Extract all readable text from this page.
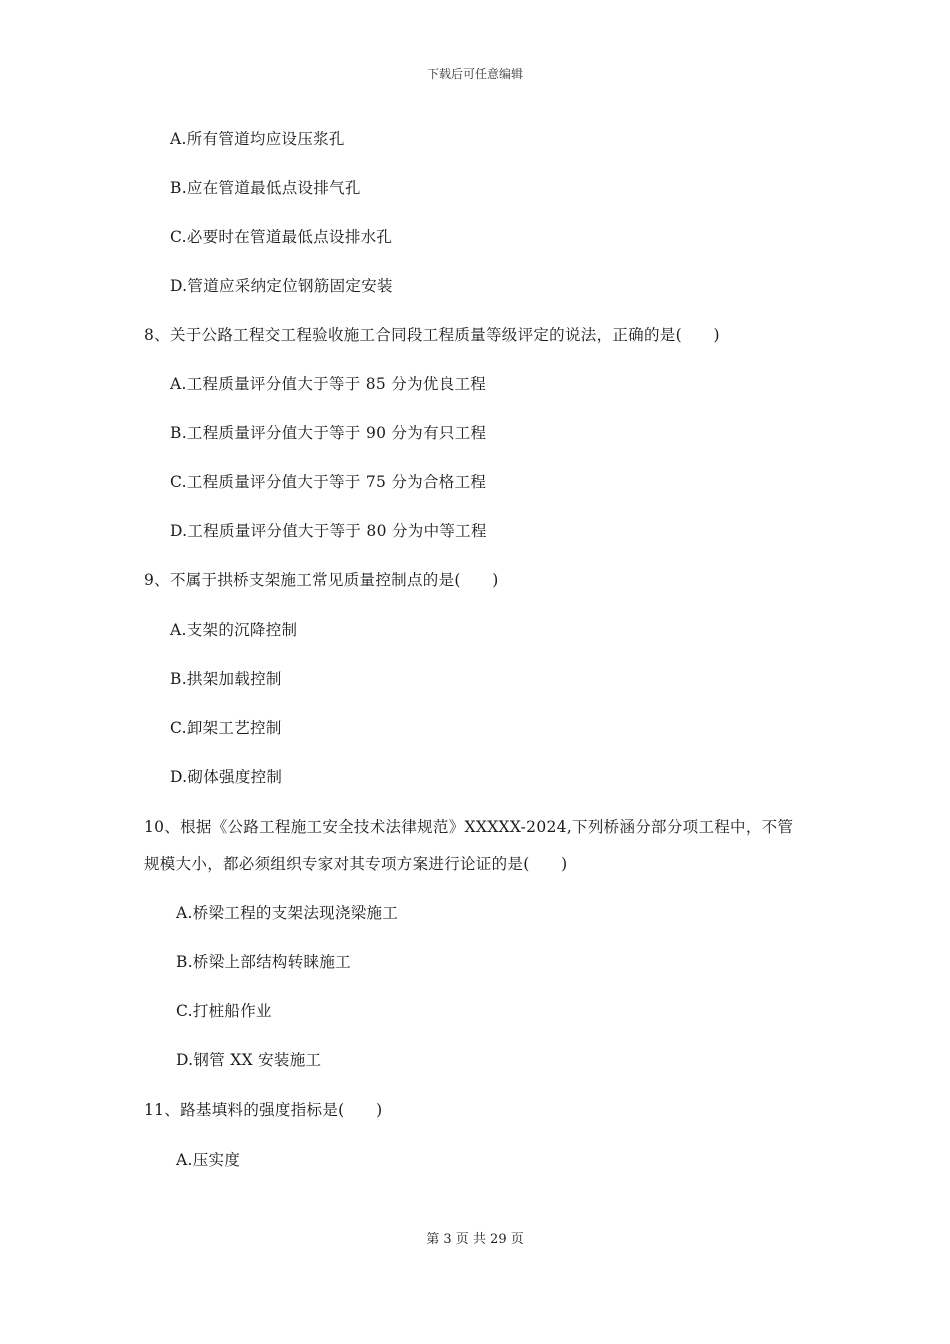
下载后可任意编辑
A.所有管道均应设压浆孔
B.应在管道最低点设排气孔
C.必要时在管道最低点设排水孔
D.管道应采纳定位钢筋固定安装
8、关于公路工程交工程验收施工合同段工程质量等级评定的说法，正确的是(　　)
A.工程质量评分值大于等于 85 分为优良工程
B.工程质量评分值大于等于 90 分为有只工程
C.工程质量评分值大于等于 75 分为合格工程
D.工程质量评分值大于等于 80 分为中等工程
9、不属于拱桥支架施工常见质量控制点的是(　　)
A.支架的沉降控制
B.拱架加载控制
C.卸架工艺控制
D.砌体强度控制
10、根据《公路工程施工安全技术法律规范》XXXXX-2024,下列桥涵分部分项工程中，不管
规模大小，都必须组织专家对其专项方案进行论证的是(　　)
A.桥梁工程的支架法现浇梁施工
B.桥梁上部结构转睐施工
C.打桩船作业
D.钢管 XX 安装施工
11、路基填料的强度指标是(　　)
A.压实度
第 3 页 共 29 页
